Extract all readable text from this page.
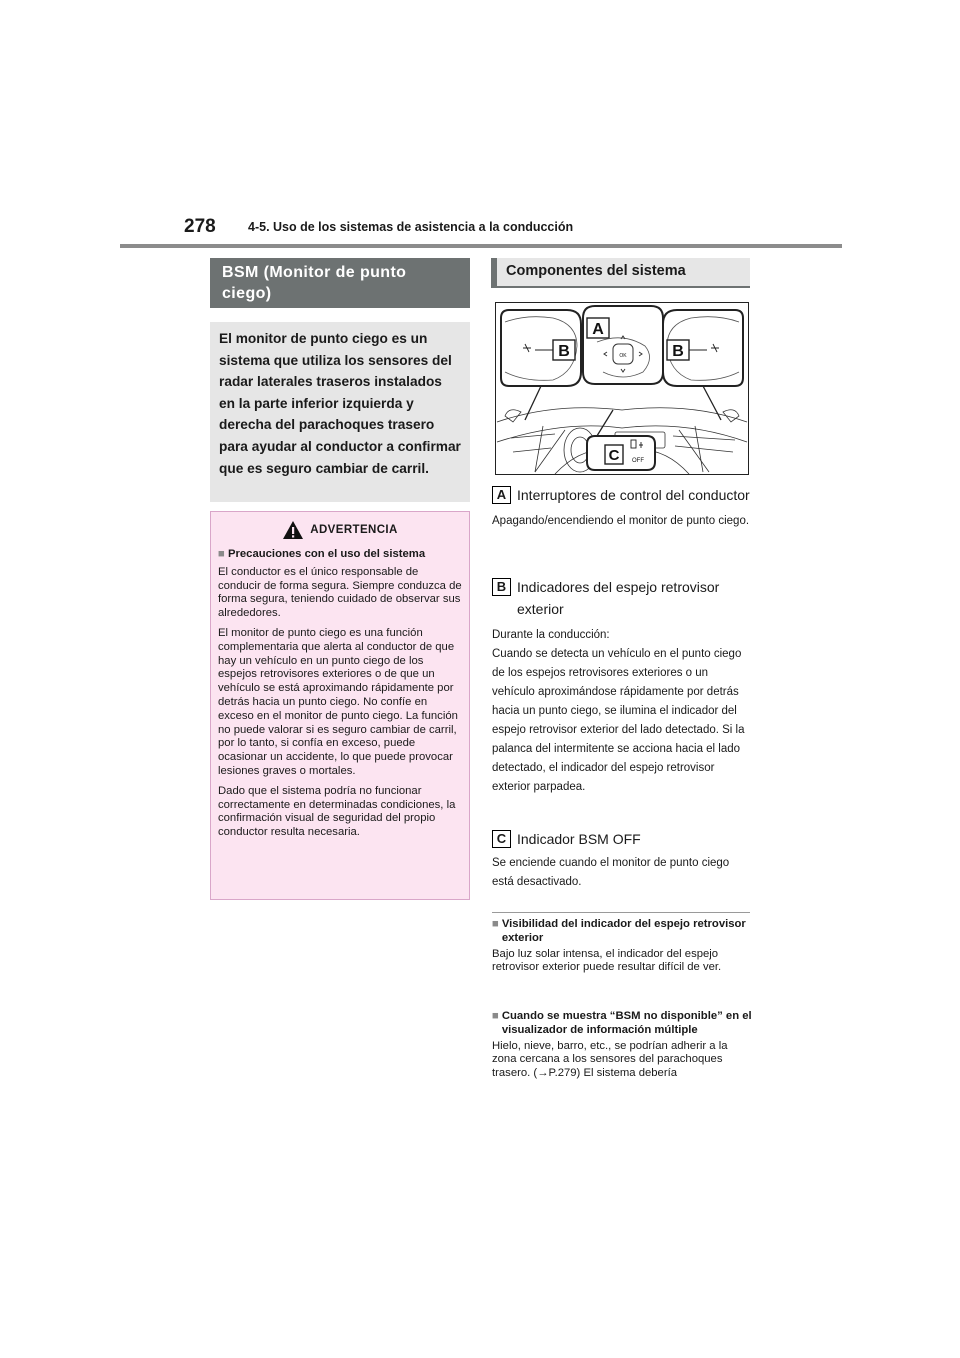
278	4-5. Uso de los sistemas de asistencia a la conducción
BSM (Monitor de punto ciego)
El monitor de punto ciego es un sistema que utiliza los sensores del radar laterales traseros instalados en la parte inferior izquierda y derecha del parachoques trasero para ayudar al conductor a confirmar que es seguro cambiar de carril.
ADVERTENCIA
■ Precauciones con el uso del sistema

El conductor es el único responsable de conducir de forma segura. Siempre conduzca de forma segura, teniendo cuidado de observar sus alrededores.

El monitor de punto ciego es una función complementaria que alerta al conductor de que hay un vehículo en un punto ciego de los espejos retrovisores exteriores o de que un vehículo se está aproximando rápidamente por detrás hacia un punto ciego. No confíe en exceso en el monitor de punto ciego. La función no puede valorar si es seguro cambiar de carril, por lo tanto, si confía en exceso, puede ocasionar un accidente, lo que puede provocar lesiones graves o mortales.

Dado que el sistema podría no funcionar correctamente en determinadas condiciones, la confirmación visual de seguridad del propio conductor resulta necesaria.

Componentes del sistema
B
A
OK	B
C OFF
A Interruptores de control del conductor

Apagando/encendiendo el monitor de punto ciego.

B Indicadores del espejo retrovisor exterior

Durante la conducción:

Cuando se detecta un vehículo en el punto ciego de los espejos retrovisores exteriores o un vehículo aproximándose rápidamente por detrás hacia un punto ciego, se ilumina el indicador del espejo retrovisor exterior del lado detectado. Si la palanca del intermitente se acciona hacia el lado detectado, el indicador del espejo retrovisor exterior parpadea.

C Indicador BSM OFF

Se enciende cuando el monitor de punto ciego está desactivado.

■ Visibilidad del indicador del espejo retrovisor exterior

Bajo luz solar intensa, el indicador del espejo retrovisor exterior puede resultar difícil de ver.

■ Cuando se muestra “BSM no disponible” en el visualizador de información múltiple

Hielo, nieve, barro, etc., se podrían adherir a la zona cercana a los sensores del parachoques trasero. (→P.279) El sistema debería
